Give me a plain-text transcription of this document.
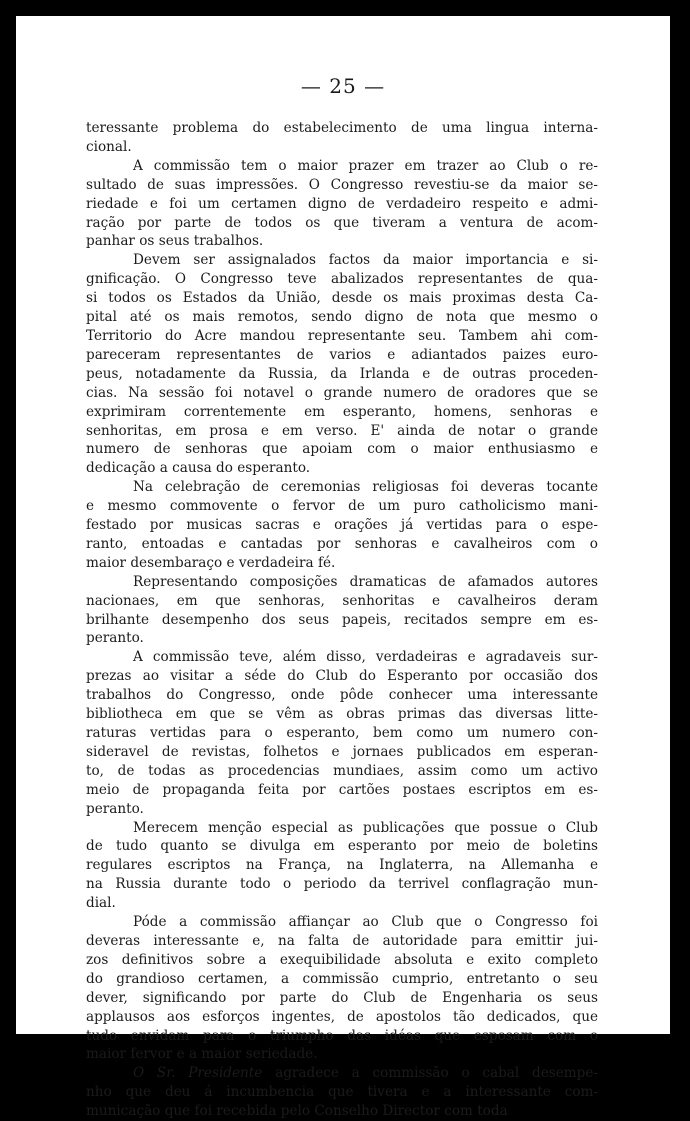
— 25 —
teressante problema do estabelecimento de uma lingua interna-
cional.
A commissão tem o maior prazer em trazer ao Club o re-
sultado de suas impressões. O Congresso revestiu-se da maior se-
riedade e foi um certamen digno de verdadeiro respeito e admi-
ração por parte de todos os que tiveram a ventura de acom-
panhar os seus trabalhos.
Devem ser assignalados factos da maior importancia e si-
gnificação. O Congresso teve abalizados representantes de qua-
si todos os Estados da União, desde os mais proximas desta Ca-
pital até os mais remotos, sendo digno de nota que mesmo o
Territorio do Acre mandou representante seu. Tambem ahi com-
pareceram representantes de varios e adiantados paizes euro-
peus, notadamente da Russia, da Irlanda e de outras proceden-
cias. Na sessão foi notavel o grande numero de oradores que se
exprimiram correntemente em esperanto, homens, senhoras e
senhoritas, em prosa e em verso. E' ainda de notar o grande
numero de senhoras que apoiam com o maior enthusiasmo e
dedicação a causa do esperanto.
Na celebração de ceremonias religiosas foi deveras tocante
e mesmo commovente o fervor de um puro catholicismo mani-
festado por musicas sacras e orações já vertidas para o espe-
ranto, entoadas e cantadas por senhoras e cavalheiros com o
maior desembaraço e verdadeira fé.
Representando composições dramaticas de afamados autores
nacionaes, em que senhoras, senhoritas e cavalheiros deram
brilhante desempenho dos seus papeis, recitados sempre em es-
peranto.
A commissão teve, além disso, verdadeiras e agradaveis sur-
prezas ao visitar a séde do Club do Esperanto por occasião dos
trabalhos do Congresso, onde pôde conhecer uma interessante
bibliotheca em que se vêm as obras primas das diversas litte-
raturas vertidas para o esperanto, bem como um numero con-
sideravel de revistas, folhetos e jornaes publicados em esperan-
to, de todas as procedencias mundiaes, assim como um activo
meio de propaganda feita por cartões postaes escriptos em es-
peranto.
Merecem menção especial as publicações que possue o Club
de tudo quanto se divulga em esperanto por meio de boletins
regulares escriptos na França, na Inglaterra, na Allemanha e
na Russia durante todo o periodo da terrivel conflagração mun-
dial.
Póde a commissão affiançar ao Club que o Congresso foi
deveras interessante e, na falta de autoridade para emittir jui-
zos definitivos sobre a exequibilidade absoluta e exito completo
do grandioso certamen, a commissão cumprio, entretanto o seu
dever, significando por parte do Club de Engenharia os seus
applausos aos esforços ingentes, de apostolos tão dedicados, que
tudo envidam para o triumpho das idéas que esposam com o
maior fervor e a maior seriedade.
O Sr. Presidente agradece a commissão o cabal desempe-
nho que deu á incumbencia que tivera e a interessante com-
municação que foi recebida pelo Conselho Director com toda
